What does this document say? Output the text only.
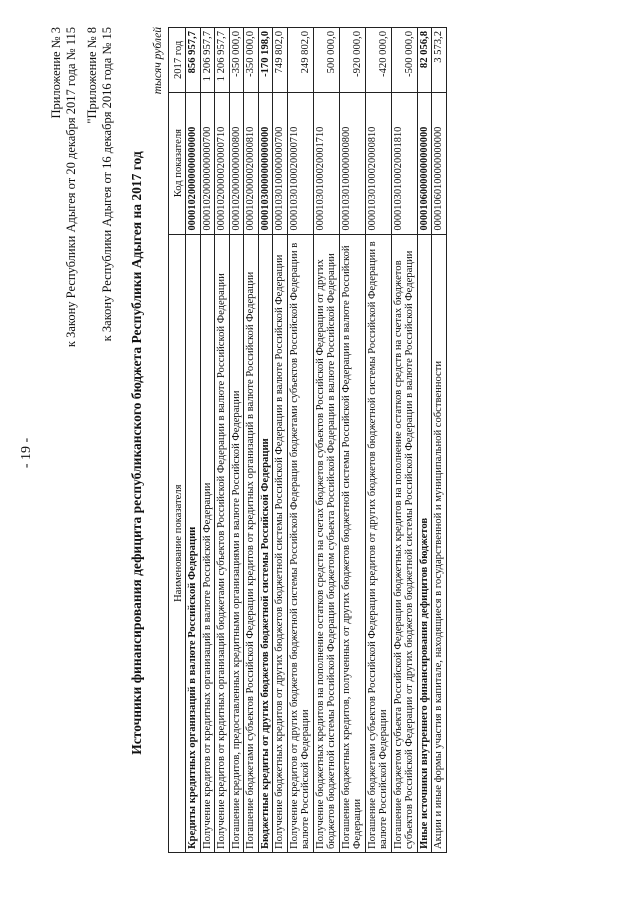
- 19 -
Приложение № 3 к Закону Республики Адыгея от 20 декабря 2017 года № 115 "Приложение № 8 к Закону Республики Адыгея от 16 декабря 2016 года № 15 Источники финансирования дефицита республиканского бюджета Республики Адыгея на 2017 год
тысяч рублей
Наименование показателя	Код показателя	2017 год
Кредиты кредитных организаций в валюте Российской Федерации	00001020000000000000	856 957,7
Получение кредитов от кредитных организаций в валюте Российской Федерации	00001020000000000700	1 206 957,7
Получение кредитов от кредитных организаций бюджетами субъектов Российской Федерации в валюте Российской Федерации	00001020000020000710	1 206 957,7
Погашение кредитов, предоставленных кредитными организациями в валюте Российской Федерации	00001020000000000800	-350 000,0
Погашение бюджетами субъектов Российской Федерации кредитов от кредитных организаций в валюте Российской Федерации	00001020000020000810	-350 000,0
Бюджетные кредиты от других бюджетов бюджетной системы Российской Федерации	00001030000000000000	-170 198,0
Получение бюджетных кредитов от других бюджетов бюджетной системы Российской Федерации в валюте Российской Федерации	00001030100000000700	749 802,0
Получение кредитов от других бюджетов бюджетной системы Российской Федерации бюджетами субъектов Российской Федерации в валюте Российской Федерации	00001030100020000710	249 802,0
Получение бюджетных кредитов на пополнение остатков средств на счетах бюджетов субъектов Российской Федерации от других бюджетов бюджетной системы Российской Федерации бюджетом субъекта Российской Федерации в валюте Российской Федерации	00001030100020001710	500 000,0
Погашение бюджетных кредитов, полученных от других бюджетов бюджетной системы Российской Федерации в валюте Российской Федерации	00001030100000000800	-920 000,0
Погашение бюджетами субъектов Российской Федерации кредитов от других бюджетов бюджетной системы Российской Федерации в валюте Российской Федерации	00001030100020000810	-420 000,0
Погашение бюджетом субъекта Российской Федерации бюджетных кредитов на пополнение остатков средств на счетах бюджетов субъектов Российской Федерации от других бюджетов бюджетной системы Российской Федерации в валюте Российской Федерации	00001030100020001810	-500 000,0
Иные источники внутреннего финансирования дефицитов бюджетов	00001060000000000000	82 056,8
Акции и иные формы участия в капитале, находящиеся в государственной и муниципальной собственности	00001060100000000000	3 573,2
